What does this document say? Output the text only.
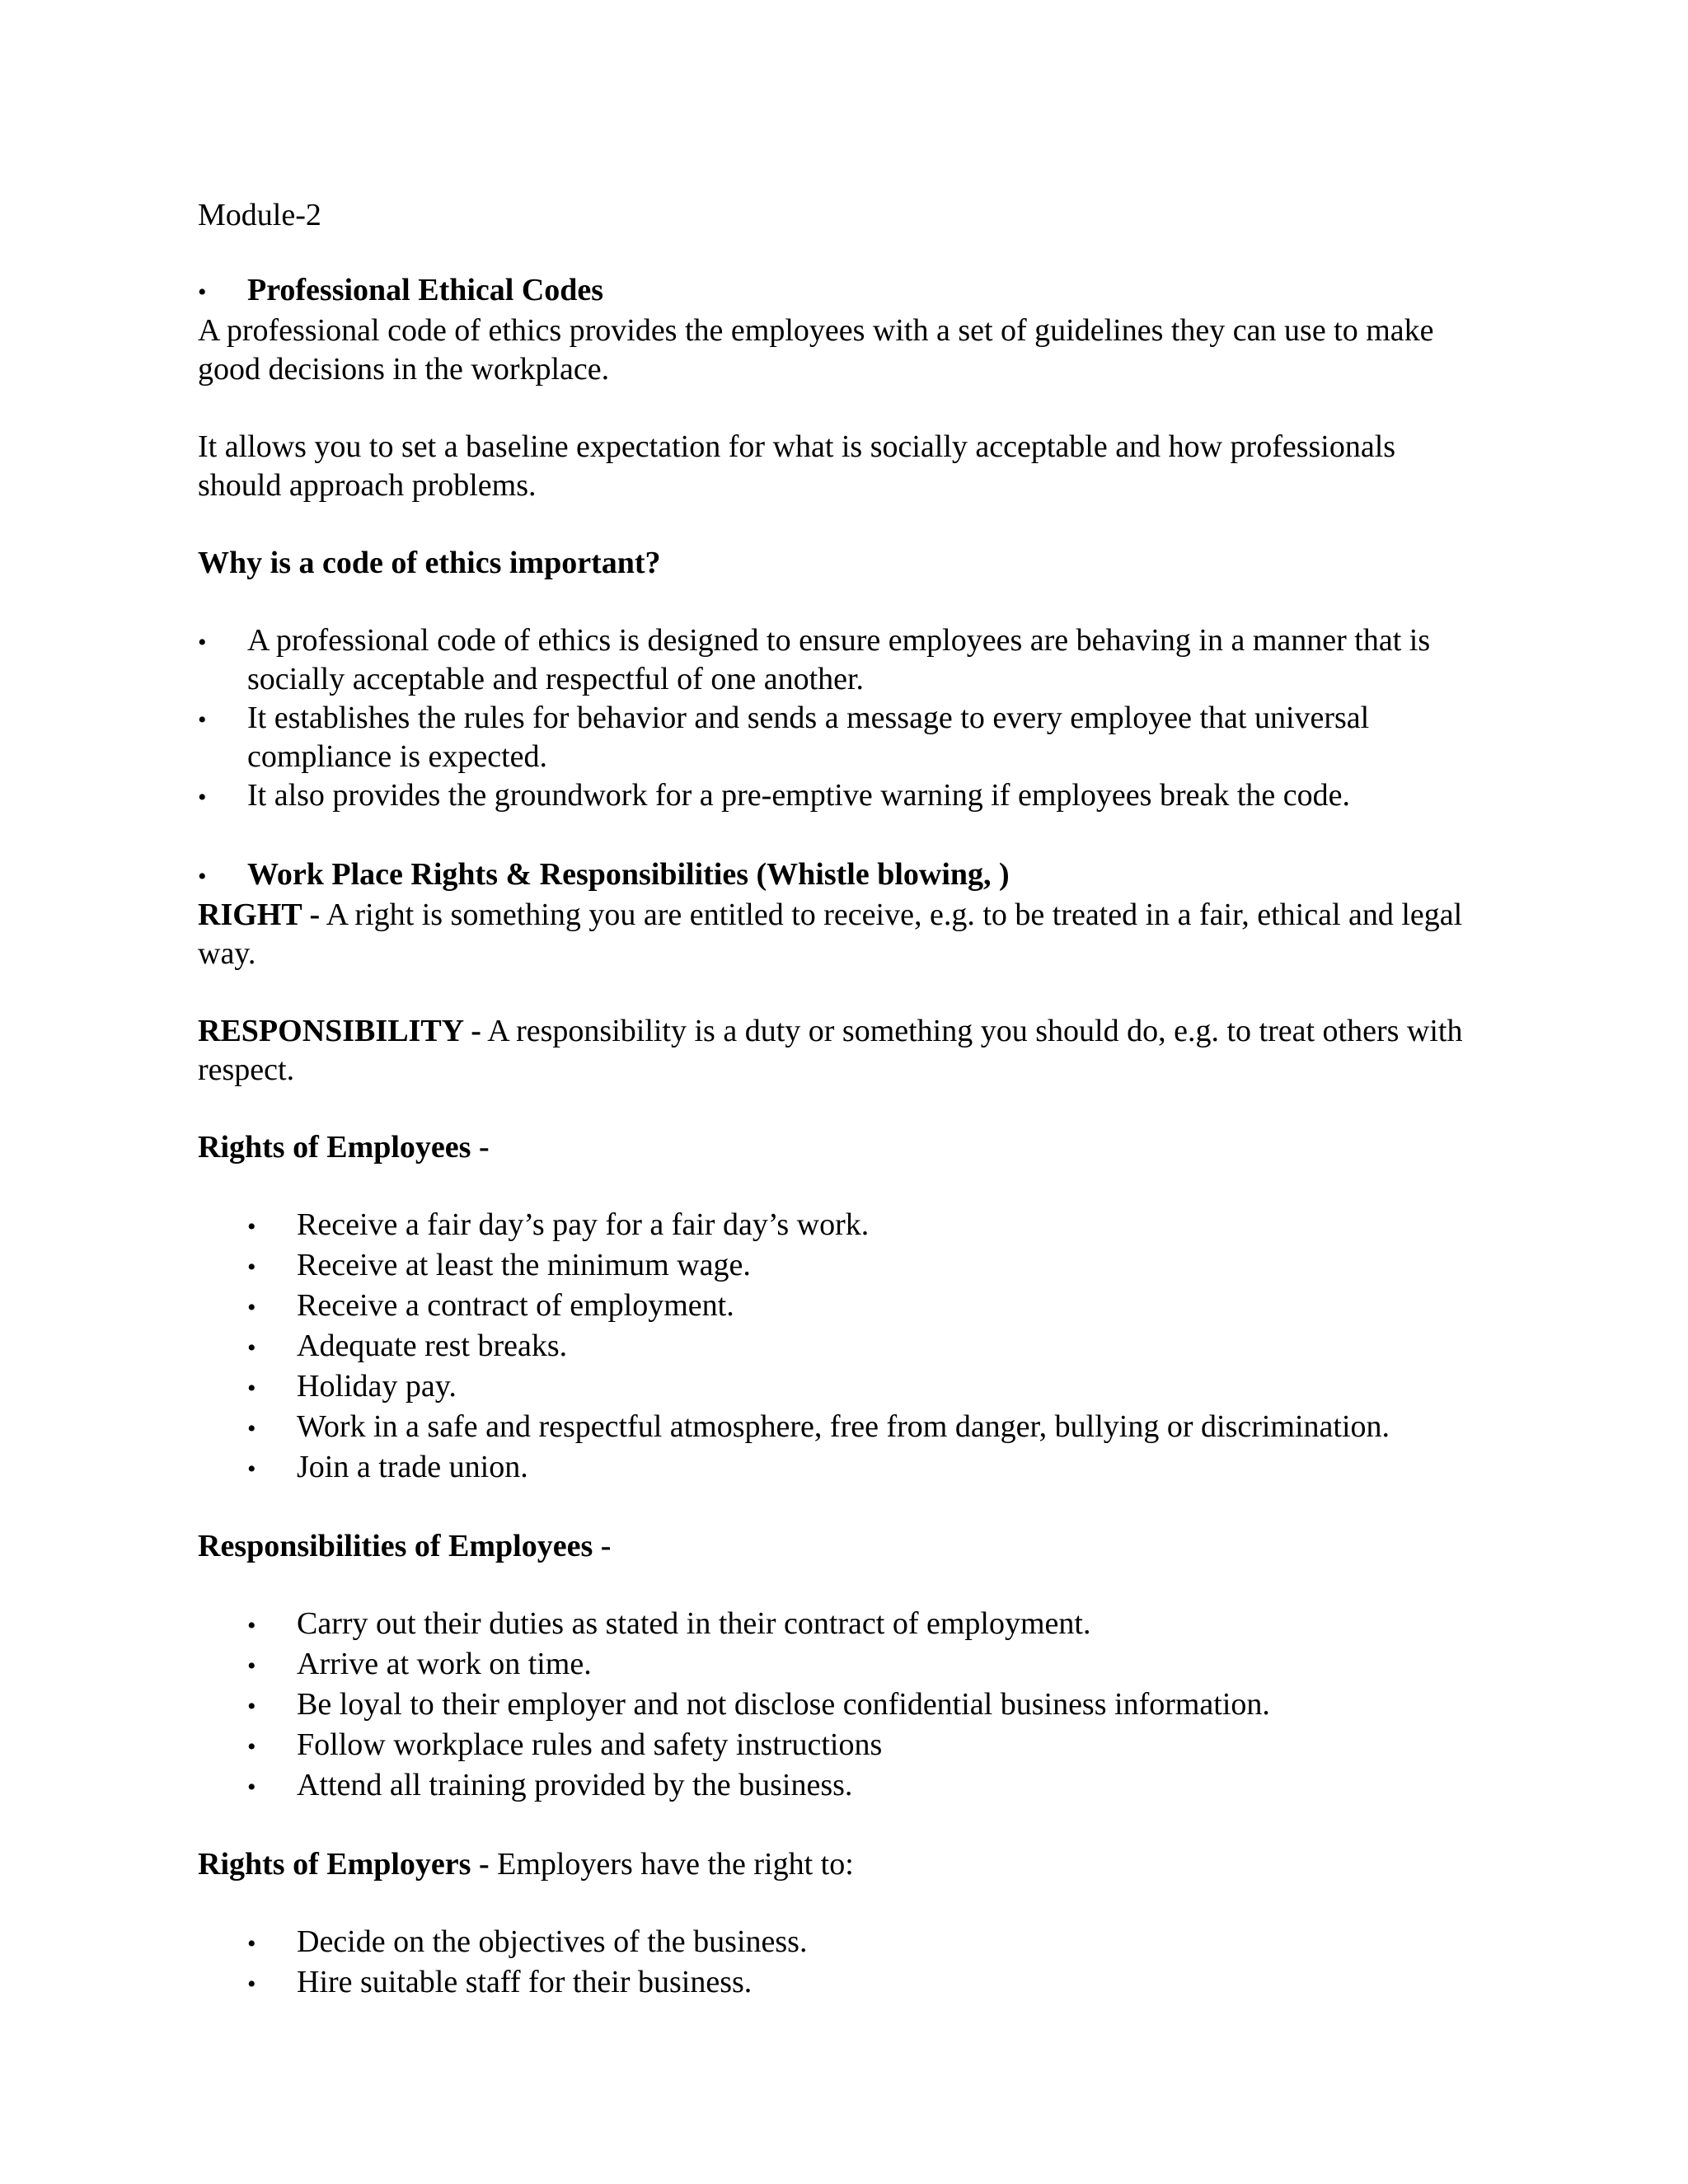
Module-2

•	Professional Ethical Codes

A professional code of ethics provides the employees with a set of guidelines they can use to make good decisions in the workplace.

It allows you to set a baseline expectation for what is socially acceptable and how professionals should approach problems.

Why is a code of ethics important?

•	A professional code of ethics is designed to ensure employees are behaving in a manner that is socially acceptable and respectful of one another.
•	It establishes the rules for behavior and sends a message to every employee that universal compliance is expected.
•	It also provides the groundwork for a pre-emptive warning if employees break the code.
•	Work Place Rights & Responsibilities (Whistle blowing, )

RIGHT - A right is something you are entitled to receive, e.g. to be treated in a fair, ethical and legal way.

RESPONSIBILITY - A responsibility is a duty or something you should do, e.g. to treat others with respect.

Rights of Employees -

•	Receive a fair day’s pay for a fair day’s work.
•	Receive at least the minimum wage.
•	Receive a contract of employment.
•	Adequate rest breaks.
•	Holiday pay.
•	Work in a safe and respectful atmosphere, free from danger, bullying or discrimination.
•	Join a trade union.

Responsibilities of Employees -

•	Carry out their duties as stated in their contract of employment.
•	Arrive at work on time.
•	Be loyal to their employer and not disclose confidential business information.
•	Follow workplace rules and safety instructions
•	Attend all training provided by the business.

Rights of Employers - Employers have the right to:

•	Decide on the objectives of the business.
•	Hire suitable staff for their business.
